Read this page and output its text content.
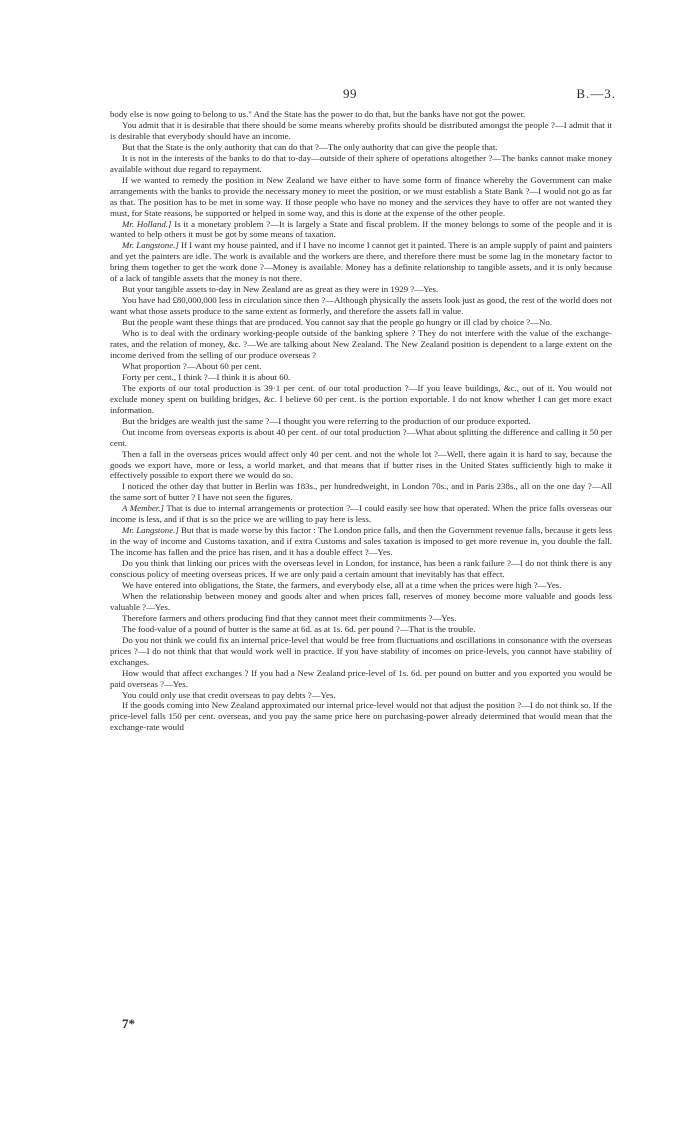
99	B.—3.

body else is now going to belong to us." And the State has the power to do that, but the banks have not got the power.

You admit that it is desirable that there should be some means whereby profits should be distributed amongst the people ?—I admit that it is desirable that everybody should have an income.

But that the State is the only authority that can do that ?—The only authority that can give the people that.

It is not in the interests of the banks to do that to-day—outside of their sphere of operations altogether ?—The banks cannot make money available without due regard to repayment.

If we wanted to remedy the position in New Zealand we have either to have some form of finance whereby the Government can make arrangements with the banks to provide the necessary money to meet the position, or we must establish a State Bank ?—I would not go as far as that. The position has to be met in some way. If those people who have no money and the services they have to offer are not wanted they must, for State reasons, be supported or helped in some way, and this is done at the expense of the other people.

Mr. Holland.] Is it a monetary problem ?—It is largely a State and fiscal problem. If the money belongs to some of the people and it is wanted to help others it must be got by some means of taxation.

Mr. Langstone.] If I want my house painted, and if I have no income I cannot get it painted. There is an ample supply of paint and painters and yet the painters are idle. The work is available and the workers are there, and therefore there must be some lag in the monetary factor to bring them together to get the work done ?—Money is available. Money has a definite relationship to tangible assets, and it is only because of a lack of tangible assets that the money is not there.

But your tangible assets to-day in New Zealand are as great as they were in 1929 ?—Yes.

You have had £80,000,000 less in circulation since then ?—Although physically the assets look just as good, the rest of the world does not want what those assets produce to the same extent as formerly, and therefore the assets fall in value.

But the people want these things that are produced. You cannot say that the people go hungry or ill clad by choice ?—No.

Who is to deal with the ordinary working-people outside of the banking sphere ? They do not interfere with the value of the exchange-rates, and the relation of money, &c. ?—We are talking about New Zealand. The New Zealand position is dependent to a large extent on the income derived from the selling of our produce overseas ?

What proportion ?—About 60 per cent.

Forty per cent., I think ?—I think it is about 60.

The exports of our total production is 39·1 per cent. of our total production ?—If you leave buildings, &c., out of it. You would not exclude money spent on building bridges, &c. I believe 60 per cent. is the portion exportable. I do not know whether I can get more exact information.

But the bridges are wealth just the same ?—I thought you were referring to the production of our produce exported.

Out income from overseas exports is about 40 per cent. of our total production ?—What about splitting the difference and calling it 50 per cent.

Then a fall in the overseas prices would affect only 40 per cent. and not the whole lot ?—Well, there again it is hard to say, because the goods we export have, more or less, a world market, and that means that if butter rises in the United States sufficiently high to make it effectively possible to export there we would do so.

I noticed the other day that butter in Berlin was 183s., per hundredweight, in London 70s., and in Paris 238s., all on the one day ?—All the same sort of butter ? I have not seen the figures.

A Member.] That is due to internal arrangements or protection ?—I could easily see how that operated. When the price falls overseas our income is less, and if that is so the price we are willing to pay here is less.

Mr. Langstone.] But that is made worse by this factor : The London price falls, and then the Government revenue falls, because it gets less in the way of income and Customs taxation, and if extra Customs and sales taxation is imposed to get more revenue in, you double the fall. The income has fallen and the price has risen, and it has a double effect ?—Yes.

Do you think that linking our prices with the overseas level in London, for instance, has been a rank failure ?—I do not think there is any conscious policy of meeting overseas prices. If we are only paid a certain amount that inevitably has that effect.

We have entered into obligations, the State, the farmers, and everybody else, all at a time when the prices were high ?—Yes.

When the relationship between money and goods alter and when prices fall, reserves of money become more valuable and goods less valuable ?—Yes.

Therefore farmers and others producing find that they cannot meet their commitments ?—Yes.

The food-value of a pound of butter is the same at 6d. as at 1s. 6d. per pound ?—That is the trouble.

Do you not think we could fix an internal price-level that would be free from fluctuations and oscillations in consonance with the overseas prices ?—I do not think that that would work well in practice. If you have stability of incomes on price-levels, you cannot have stability of exchanges.

How would that affect exchanges ? If you had a New Zealand price-level of 1s. 6d. per pound on butter and you exported you would be paid overseas ?—Yes.

You could only use that credit overseas to pay debts ?—Yes.

If the goods coming into New Zealand approximated our internal price-level would not that adjust the position ?—I do not think so. If the price-level falls 150 per cent. overseas, and you pay the same price here on purchasing-power already determined that would mean that the exchange-rate would

7*
